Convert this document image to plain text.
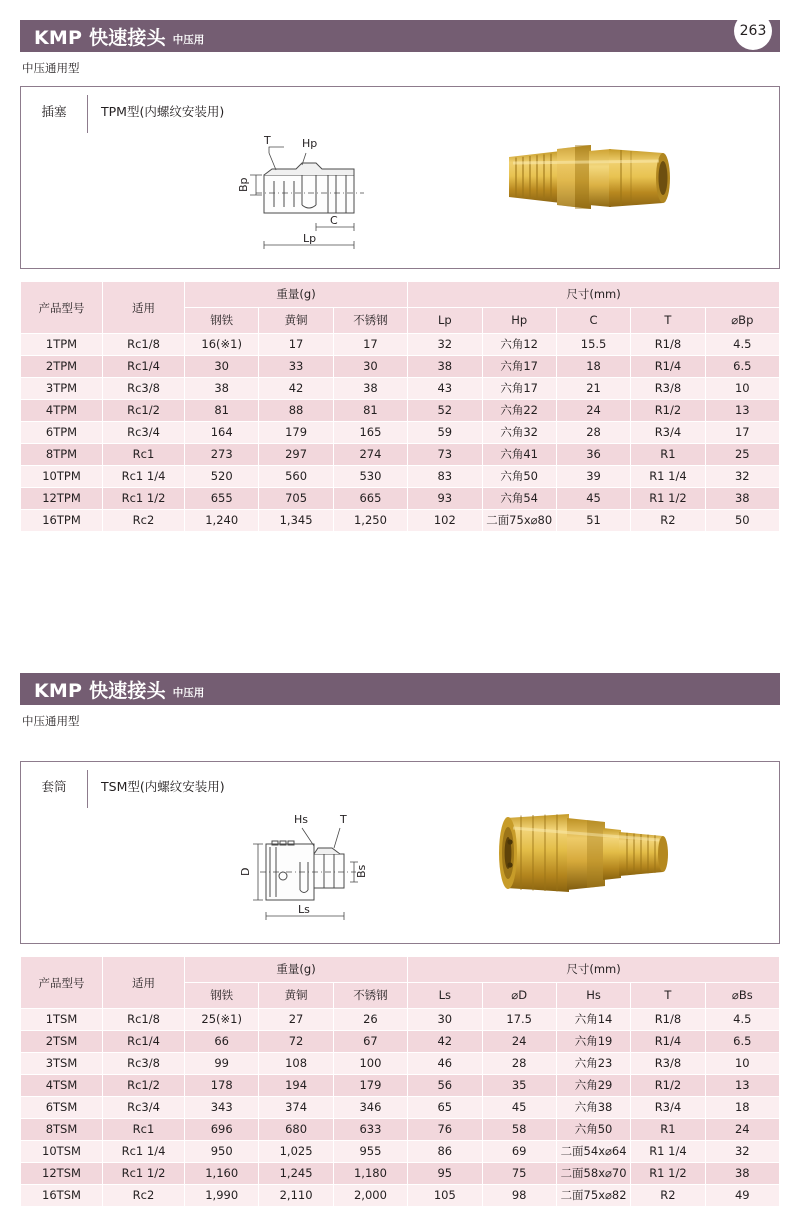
KMP 快速接头 中压用
263
中压通用型
插塞	TPM型(内螺纹安装用)
T	Hp
Bp
C
Lp
产品型号	适用	重量(g)			尺寸(mm)				
		钢铁	黄铜	不锈钢	Lp	Hp	C	T	⌀Bp
1TPM	Rc1/8	16(※1)	17	17	32	六角12	15.5	R1/8	4.5
2TPM	Rc1/4	30	33	30	38	六角17	18	R1/4	6.5
3TPM	Rc3/8	38	42	38	43	六角17	21	R3/8	10
4TPM	Rc1/2	81	88	81	52	六角22	24	R1/2	13
6TPM	Rc3/4	164	179	165	59	六角32	28	R3/4	17
8TPM	Rc1	273	297	274	73	六角41	36	R1	25
10TPM	Rc1 1/4	520	560	530	83	六角50	39	R1 1/4	32
12TPM	Rc1 1/2	655	705	665	93	六角54	45	R1 1/2	38
16TPM	Rc2	1,240	1,345	1,250	102	二面75x⌀80	51	R2	50
KMP 快速接头 中压用
中压通用型
套筒	TSM型(内螺纹安装用)
Hs	T
D	Bs
Ls
产品型号	适用	重量(g)			尺寸(mm)				
		钢铁	黄铜	不锈钢	Ls	⌀D	Hs	T	⌀Bs
1TSM	Rc1/8	25(※1)	27	26	30	17.5	六角14	R1/8	4.5
2TSM	Rc1/4	66	72	67	42	24	六角19	R1/4	6.5
3TSM	Rc3/8	99	108	100	46	28	六角23	R3/8	10
4TSM	Rc1/2	178	194	179	56	35	六角29	R1/2	13
6TSM	Rc3/4	343	374	346	65	45	六角38	R3/4	18
8TSM	Rc1	696	680	633	76	58	六角50	R1	24
10TSM	Rc1 1/4	950	1,025	955	86	69	二面54x⌀64	R1 1/4	32
12TSM	Rc1 1/2	1,160	1,245	1,180	95	75	二面58x⌀70	R1 1/2	38
16TSM	Rc2	1,990	2,110	2,000	105	98	二面75x⌀82	R2	49
